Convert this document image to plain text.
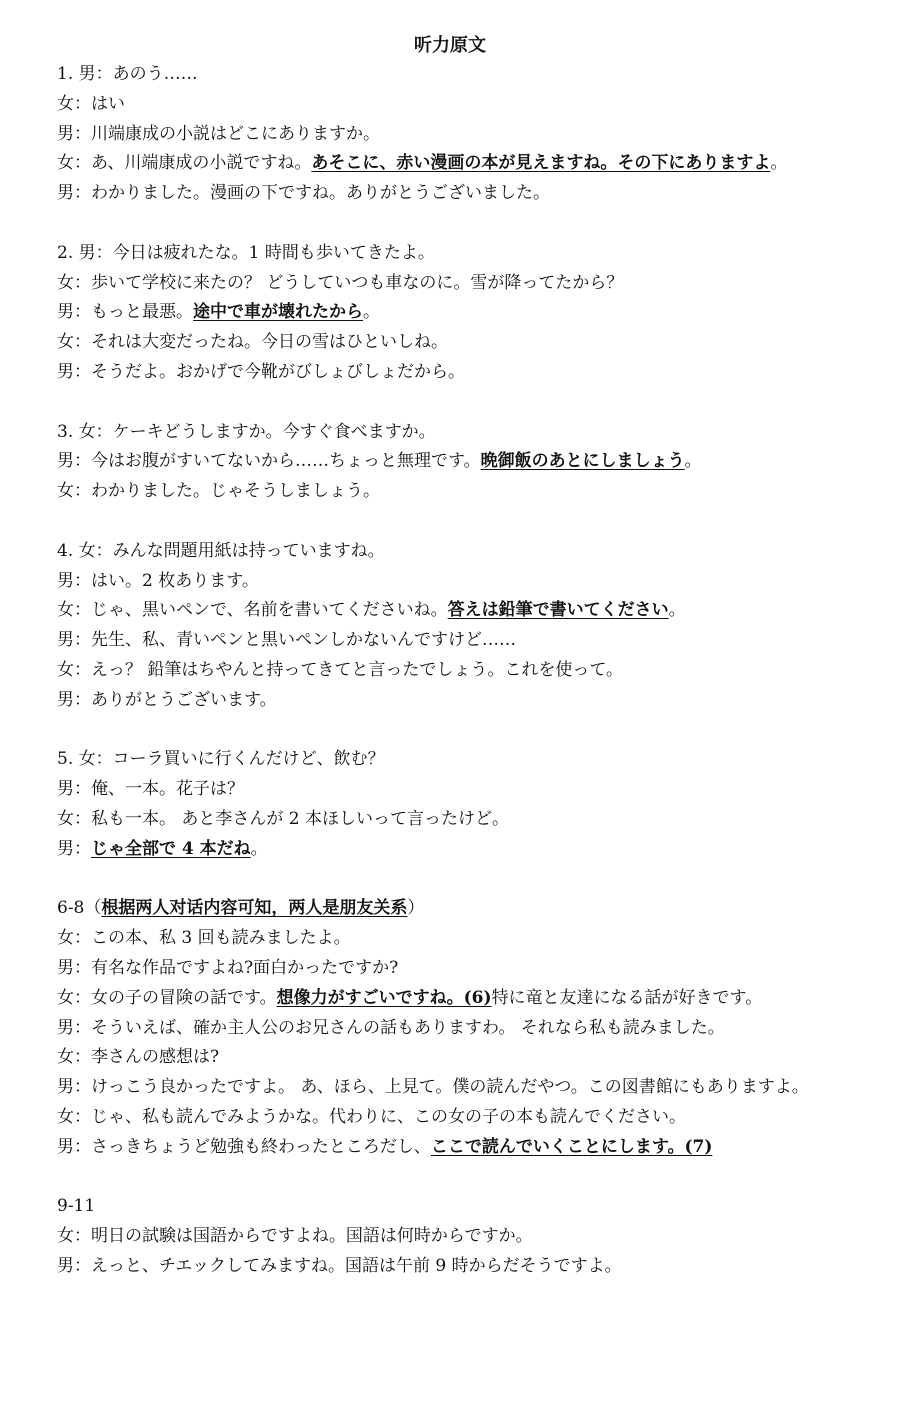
听力原文
1. 男：あのう……
女：はい
男：川端康成の小説はどこにありますか。
女：あ、川端康成の小説ですね。あそこに、赤い漫画の本が見えますね。その下にありますよ。
男：わかりました。漫画の下ですね。ありがとうございました。
2. 男：今日は疲れたな。1 時間も歩いてきたよ。
女：歩いて学校に来たの？ どうしていつも車なのに。雪が降ってたから？
男：もっと最悪。途中で車が壊れたから。
女：それは大変だったね。今日の雪はひといしね。
男：そうだよ。おかげで今靴がびしょびしょだから。
3. 女：ケーキどうしますか。今すぐ食べますか。
男：今はお腹がすいてないから……ちょっと無理です。晩御飯のあとにしましょう。
女：わかりました。じゃそうしましょう。
4. 女：みんな問題用紙は持っていますね。
男：はい。2 枚あります。
女：じゃ、黒いペンで、名前を書いてくださいね。答えは鉛筆で書いてください。
男：先生、私、青いペンと黒いペンしかないんですけど……
女：えっ？ 鉛筆はちやんと持ってきてと言ったでしょう。これを使って。
男：ありがとうございます。
5. 女：コーラ買いに行くんだけど、飲む？
男：俺、一本。花子は？
女：私も一本。 あと李さんが 2 本ほしいって言ったけど。
男：じゃ全部で 4 本だね。
6-8（根据两人对话内容可知，两人是朋友关系）
女：この本、私 3 回も読みましたよ。
男：有名な作品ですよね?面白かったですか?
女：女の子の冒険の話です。想像力がすごいですね。(6)特に竜と友達になる話が好きです。
男：そういえば、確か主人公のお兄さんの話もありますわ。 それなら私も読みました。
女：李さんの感想は?
男：けっこう良かったですよ。 あ、ほら、上見て。僕の読んだやつ。この図書館にもありますよ。
女：じゃ、私も読んでみようかな。代わりに、この女の子の本も読んでください。
男：さっきちょうど勉強も終わったところだし、ここで読んでいくことにします。(7)
9-11
女：明日の試験は国語からですよね。国語は何時からですか。
男：えっと、チエックしてみますね。国語は午前 9 時からだそうですよ。
